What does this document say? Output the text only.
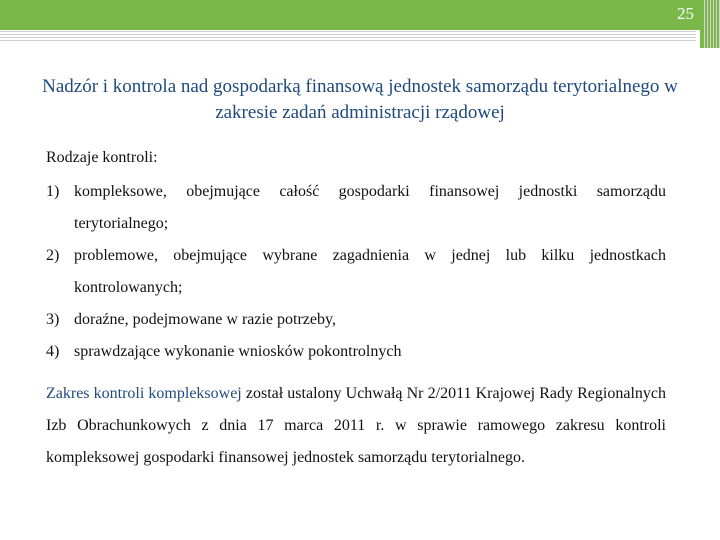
25
Nadzór i kontrola nad gospodarką finansową jednostek samorządu terytorialnego w zakresie zadań administracji rządowej
Rodzaje kontroli:
1) kompleksowe, obejmujące całość gospodarki finansowej jednostki samorządu terytorialnego;
2) problemowe, obejmujące wybrane zagadnienia w jednej lub kilku jednostkach kontrolowanych;
3) doraźne, podejmowane w razie potrzeby,
4) sprawdzające wykonanie wniosków pokontrolnych
Zakres kontroli kompleksowej został ustalony Uchwałą Nr 2/2011 Krajowej Rady Regionalnych Izb Obrachunkowych z dnia 17 marca 2011 r. w sprawie ramowego zakresu kontroli kompleksowej gospodarki finansowej jednostek samorządu terytorialnego.
